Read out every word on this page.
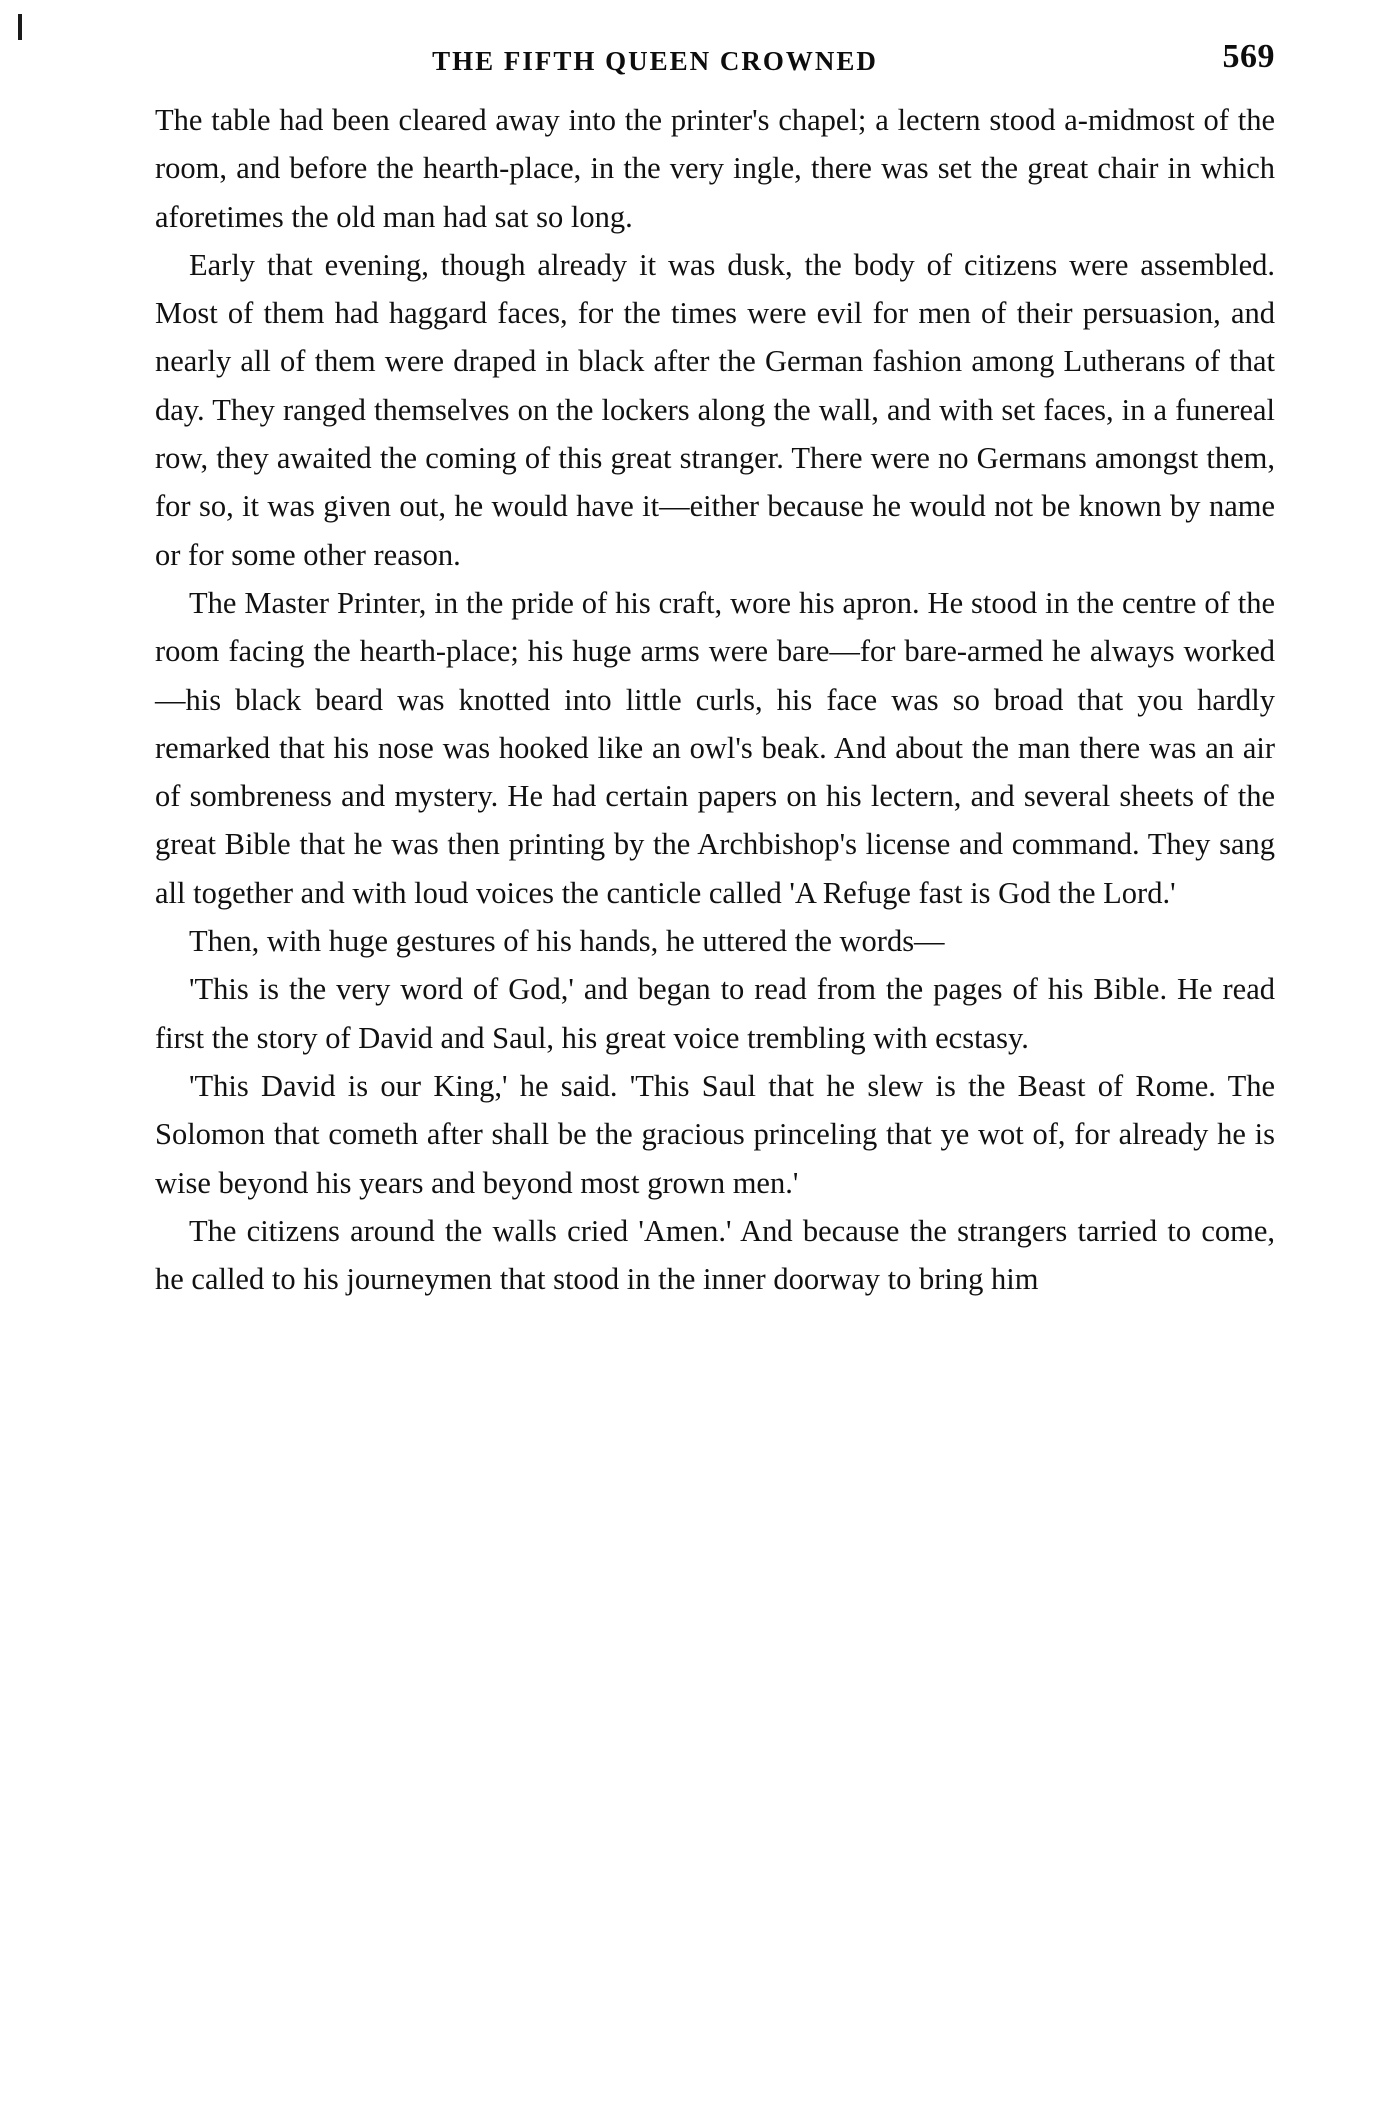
THE FIFTH QUEEN CROWNED	569

The table had been cleared away into the printer's chapel; a lectern stood a-midmost of the room, and before the hearth-place, in the very ingle, there was set the great chair in which aforetimes the old man had sat so long.

Early that evening, though already it was dusk, the body of citizens were assembled. Most of them had haggard faces, for the times were evil for men of their persuasion, and nearly all of them were draped in black after the German fashion among Lutherans of that day. They ranged themselves on the lockers along the wall, and with set faces, in a funereal row, they awaited the coming of this great stranger. There were no Germans amongst them, for so, it was given out, he would have it—either because he would not be known by name or for some other reason.

The Master Printer, in the pride of his craft, wore his apron. He stood in the centre of the room facing the hearth-place; his huge arms were bare—for bare-armed he always worked—his black beard was knotted into little curls, his face was so broad that you hardly remarked that his nose was hooked like an owl's beak. And about the man there was an air of sombreness and mystery. He had certain papers on his lectern, and several sheets of the great Bible that he was then printing by the Archbishop's license and command. They sang all together and with loud voices the canticle called 'A Refuge fast is God the Lord.'

Then, with huge gestures of his hands, he uttered the words—

'This is the very word of God,' and began to read from the pages of his Bible. He read first the story of David and Saul, his great voice trembling with ecstasy.

'This David is our King,' he said. 'This Saul that he slew is the Beast of Rome. The Solomon that cometh after shall be the gracious princeling that ye wot of, for already he is wise beyond his years and beyond most grown men.'

The citizens around the walls cried 'Amen.' And because the strangers tarried to come, he called to his journeymen that stood in the inner doorway to bring him
